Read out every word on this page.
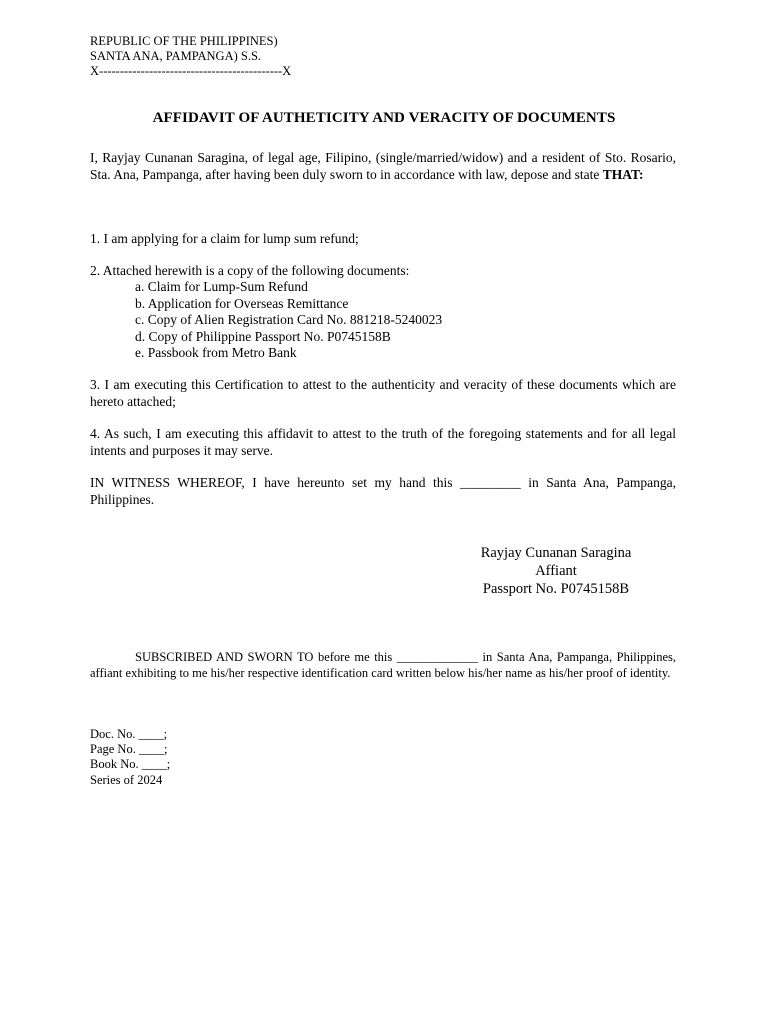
REPUBLIC OF THE PHILIPPINES)
SANTA ANA, PAMPANGA) S.S.
X--------------------------------------------X
AFFIDAVIT OF AUTHETICITY AND VERACITY OF DOCUMENTS
I, Rayjay Cunanan Saragina, of legal age, Filipino, (single/married/widow) and a resident of Sto. Rosario, Sta. Ana, Pampanga, after having been duly sworn to in accordance with law, depose and state THAT:
1. I am applying for a claim for lump sum refund;
2. Attached herewith is a copy of the following documents:
a. Claim for Lump-Sum Refund
b. Application for Overseas Remittance
c. Copy of Alien Registration Card No. 881218-5240023
d. Copy of Philippine Passport No. P0745158B
e. Passbook from Metro Bank
3. I am executing this Certification to attest to the authenticity and veracity of these documents which are hereto attached;
4. As such, I am executing this affidavit to attest to the truth of the foregoing statements and for all legal intents and purposes it may serve.
IN WITNESS WHEREOF, I have hereunto set my hand this _________ in Santa Ana, Pampanga, Philippines.
Rayjay Cunanan Saragina
Affiant
Passport No. P0745158B
SUBSCRIBED AND SWORN TO before me this _____________ in Santa Ana, Pampanga, Philippines, affiant exhibiting to me his/her respective identification card written below his/her name as his/her proof of identity.
Doc. No. ____;
Page No. ____;
Book No. ____;
Series of 2024
